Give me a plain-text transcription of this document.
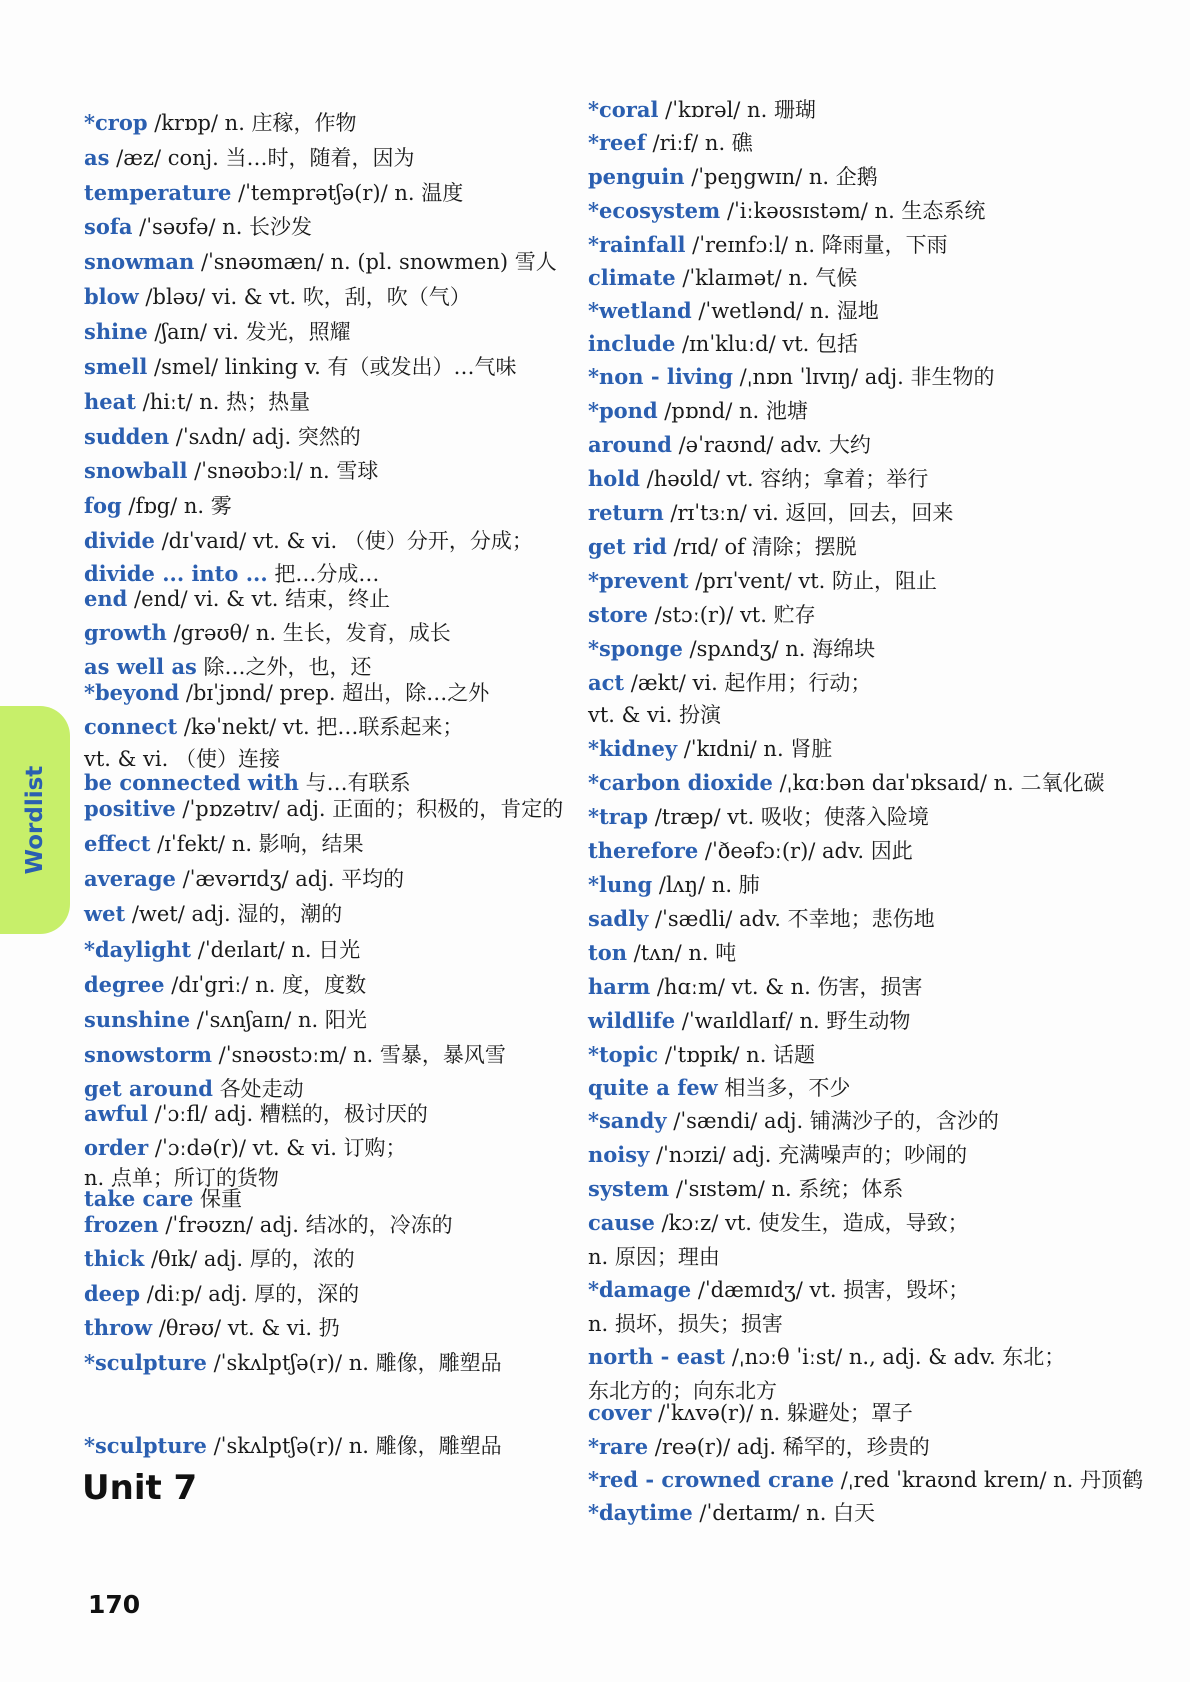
Wordlist
*crop /krɒp/ n. 庄稼，作物
as /æz/ conj. 当…时，随着，因为
temperature /ˈtemprətʃə(r)/ n. 温度
sofa /ˈsəʊfə/ n. 长沙发
snowman /ˈsnəʊmæn/ n. (pl. snowmen) 雪人
blow /bləʊ/ vi. & vt. 吹，刮，吹（气）
shine /ʃaɪn/ vi. 发光，照耀
smell /smel/ linking v. 有（或发出）…气味
heat /hiːt/ n. 热；热量
sudden /ˈsʌdn/ adj. 突然的
snowball /ˈsnəʊbɔːl/ n. 雪球
fog /fɒg/ n. 雾
divide /dɪˈvaɪd/ vt. & vi. （使）分开，分成；
divide ... into ... 把…分成…
end /end/ vi. & vt. 结束，终止
growth /grəʊθ/ n. 生长，发育，成长
as well as 除…之外，也，还
*beyond /bɪˈjɒnd/ prep. 超出，除…之外
connect /kəˈnekt/ vt. 把…联系起来；
vt. & vi. （使）连接
be connected with 与…有联系
positive /ˈpɒzətɪv/ adj. 正面的；积极的，肯定的
effect /ɪˈfekt/ n. 影响，结果
average /ˈævərɪdʒ/ adj. 平均的
wet /wet/ adj. 湿的，潮的
*daylight /ˈdeɪlaɪt/ n. 日光
degree /dɪˈgriː/ n. 度，度数
sunshine /ˈsʌnʃaɪn/ n. 阳光
snowstorm /ˈsnəʊstɔːm/ n. 雪暴，暴风雪
get around 各处走动
awful /ˈɔːfl/ adj. 糟糕的，极讨厌的
order /ˈɔːdə(r)/ vt. & vi. 订购；
n. 点单；所订的货物
take care 保重
frozen /ˈfrəʊzn/ adj. 结冰的，冷冻的
thick /θɪk/ adj. 厚的，浓的
deep /diːp/ adj. 厚的，深的
throw /θrəʊ/ vt. & vi. 扔
*sculpture /ˈskʌlptʃə(r)/ n. 雕像，雕塑品
*sculpture /ˈskʌlptʃə(r)/ n. 雕像，雕塑品
*coral /ˈkɒrəl/ n. 珊瑚
*reef /riːf/ n. 礁
penguin /ˈpeŋgwɪn/ n. 企鹅
*ecosystem /ˈiːkəʊsɪstəm/ n. 生态系统
*rainfall /ˈreɪnfɔːl/ n. 降雨量，下雨
climate /ˈklaɪmət/ n. 气候
*wetland /ˈwetlənd/ n. 湿地
include /ɪnˈkluːd/ vt. 包括
*non - living /ˌnɒn ˈlɪvɪŋ/ adj. 非生物的
*pond /pɒnd/ n. 池塘
around /əˈraʊnd/ adv. 大约
hold /həʊld/ vt. 容纳；拿着；举行
return /rɪˈtɜːn/ vi. 返回，回去，回来
get rid /rɪd/ of 清除；摆脱
*prevent /prɪˈvent/ vt. 防止，阻止
store /stɔː(r)/ vt. 贮存
*sponge /spʌndʒ/ n. 海绵块
act /ækt/ vi. 起作用；行动；
vt. & vi. 扮演
*kidney /ˈkɪdni/ n. 肾脏
*carbon dioxide /ˌkɑːbən daɪˈɒksaɪd/ n. 二氧化碳
*trap /træp/ vt. 吸收；使落入险境
therefore /ˈðeəfɔː(r)/ adv. 因此
*lung /lʌŋ/ n. 肺
sadly /ˈsædli/ adv. 不幸地；悲伤地
ton /tʌn/ n. 吨
harm /hɑːm/ vt. & n. 伤害，损害
wildlife /ˈwaɪldlaɪf/ n. 野生动物
*topic /ˈtɒpɪk/ n. 话题
quite a few 相当多，不少
*sandy /ˈsændi/ adj. 铺满沙子的，含沙的
noisy /ˈnɔɪzi/ adj. 充满噪声的；吵闹的
system /ˈsɪstəm/ n. 系统；体系
cause /kɔːz/ vt. 使发生，造成，导致；
n. 原因；理由
*damage /ˈdæmɪdʒ/ vt. 损害，毁坏；
n. 损坏，损失；损害
north - east /ˌnɔːθ ˈiːst/ n., adj. & adv. 东北；
东北方的；向东北方
cover /ˈkʌvə(r)/ n. 躲避处；罩子
*rare /reə(r)/ adj. 稀罕的，珍贵的
*red - crowned crane /ˌred ˈkraʊnd kreɪn/ n. 丹顶鹤
*daytime /ˈdeɪtaɪm/ n. 白天
Unit 7
170
